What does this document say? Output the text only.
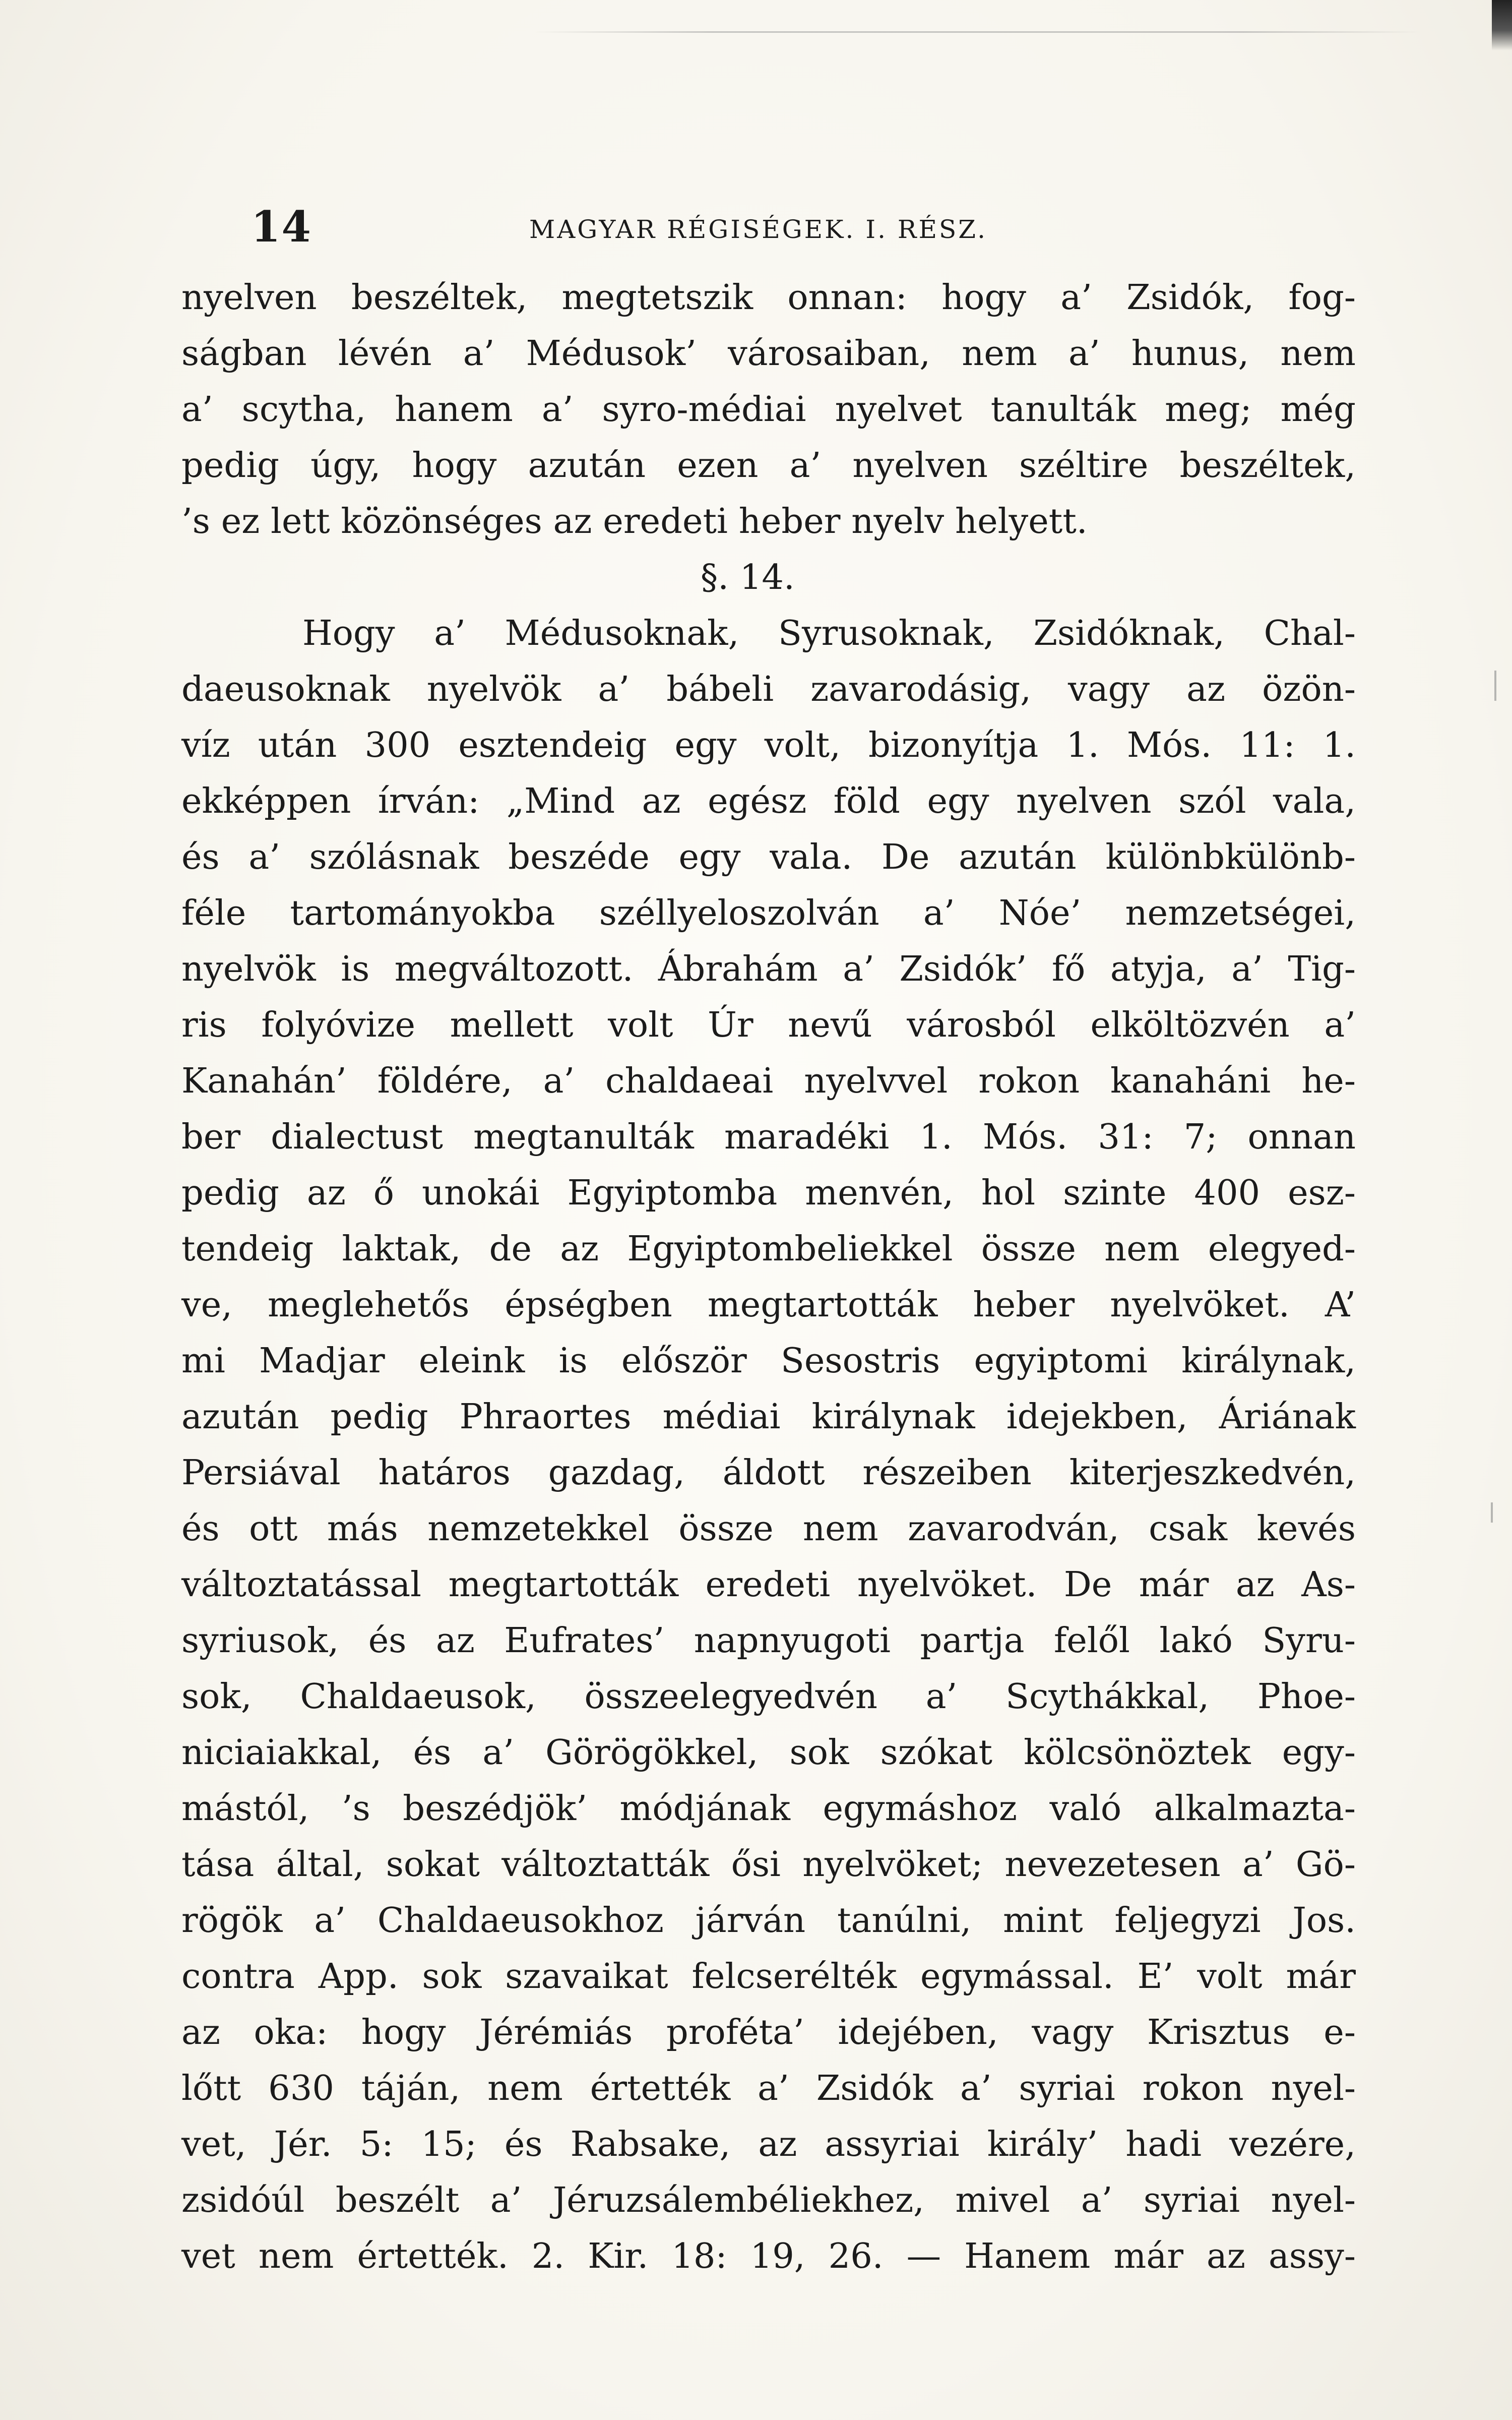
14	MAGYAR RÉGISÉGEK. I. RÉSZ.
nyelven beszéltek, megtetszik onnan: hogy a’ Zsidók, fog-
ságban lévén a’ Médusok’ városaiban, nem a’ hunus, nem
a’ scytha, hanem a’ syro-médiai nyelvet tanulták meg; még
pedig úgy, hogy azután ezen a’ nyelven széltire beszéltek,
’s ez lett közönséges az eredeti heber nyelv helyett.
§. 14.
Hogy a’ Médusoknak, Syrusoknak, Zsidóknak, Chal-
daeusoknak nyelvök a’ bábeli zavarodásig, vagy az özön-
víz után 300 esztendeig egy volt, bizonyítja 1. Mós. 11: 1.
ekképpen írván: „Mind az egész föld egy nyelven szól vala,
és a’ szólásnak beszéde egy vala. De azután különbkülönb-
féle tartományokba széllyeloszolván a’ Nóe’ nemzetségei,
nyelvök is megváltozott. Ábrahám a’ Zsidók’ fő atyja, a’ Tig-
ris folyóvize mellett volt Úr nevű városból elköltözvén a’
Kanahán’ földére, a’ chaldaeai nyelvvel rokon kanaháni he-
ber dialectust megtanulták maradéki 1. Mós. 31: 7; onnan
pedig az ő unokái Egyiptomba menvén, hol szinte 400 esz-
tendeig laktak, de az Egyiptombeliekkel össze nem elegyed-
ve, meglehetős épségben megtartották heber nyelvöket. A’
mi Madjar eleink is először Sesostris egyiptomi királynak,
azután pedig Phraortes médiai királynak idejekben, Áriának
Persiával határos gazdag, áldott részeiben kiterjeszkedvén,
és ott más nemzetekkel össze nem zavarodván, csak kevés
változtatással megtartották eredeti nyelvöket. De már az As-
syriusok, és az Eufrates’ napnyugoti partja felől lakó Syru-
sok, Chaldaeusok, összeelegyedvén a’ Scythákkal, Phoe-
niciaiakkal, és a’ Görögökkel, sok szókat kölcsönöztek egy-
mástól, ’s beszédjök’ módjának egymáshoz való alkalmazta-
tása által, sokat változtatták ősi nyelvöket; nevezetesen a’ Gö-
rögök a’ Chaldaeusokhoz járván tanúlni, mint feljegyzi Jos.
contra App. sok szavaikat felcserélték egymással. E’ volt már
az oka: hogy Jérémiás proféta’ idejében, vagy Krisztus e-
lőtt 630 táján, nem értették a’ Zsidók a’ syriai rokon nyel-
vet, Jér. 5: 15; és Rabsake, az assyriai király’ hadi vezére,
zsidóúl beszélt a’ Jéruzsálembéliekhez, mivel a’ syriai nyel-
vet nem értették. 2. Kir. 18: 19, 26. — Hanem már az assy-
